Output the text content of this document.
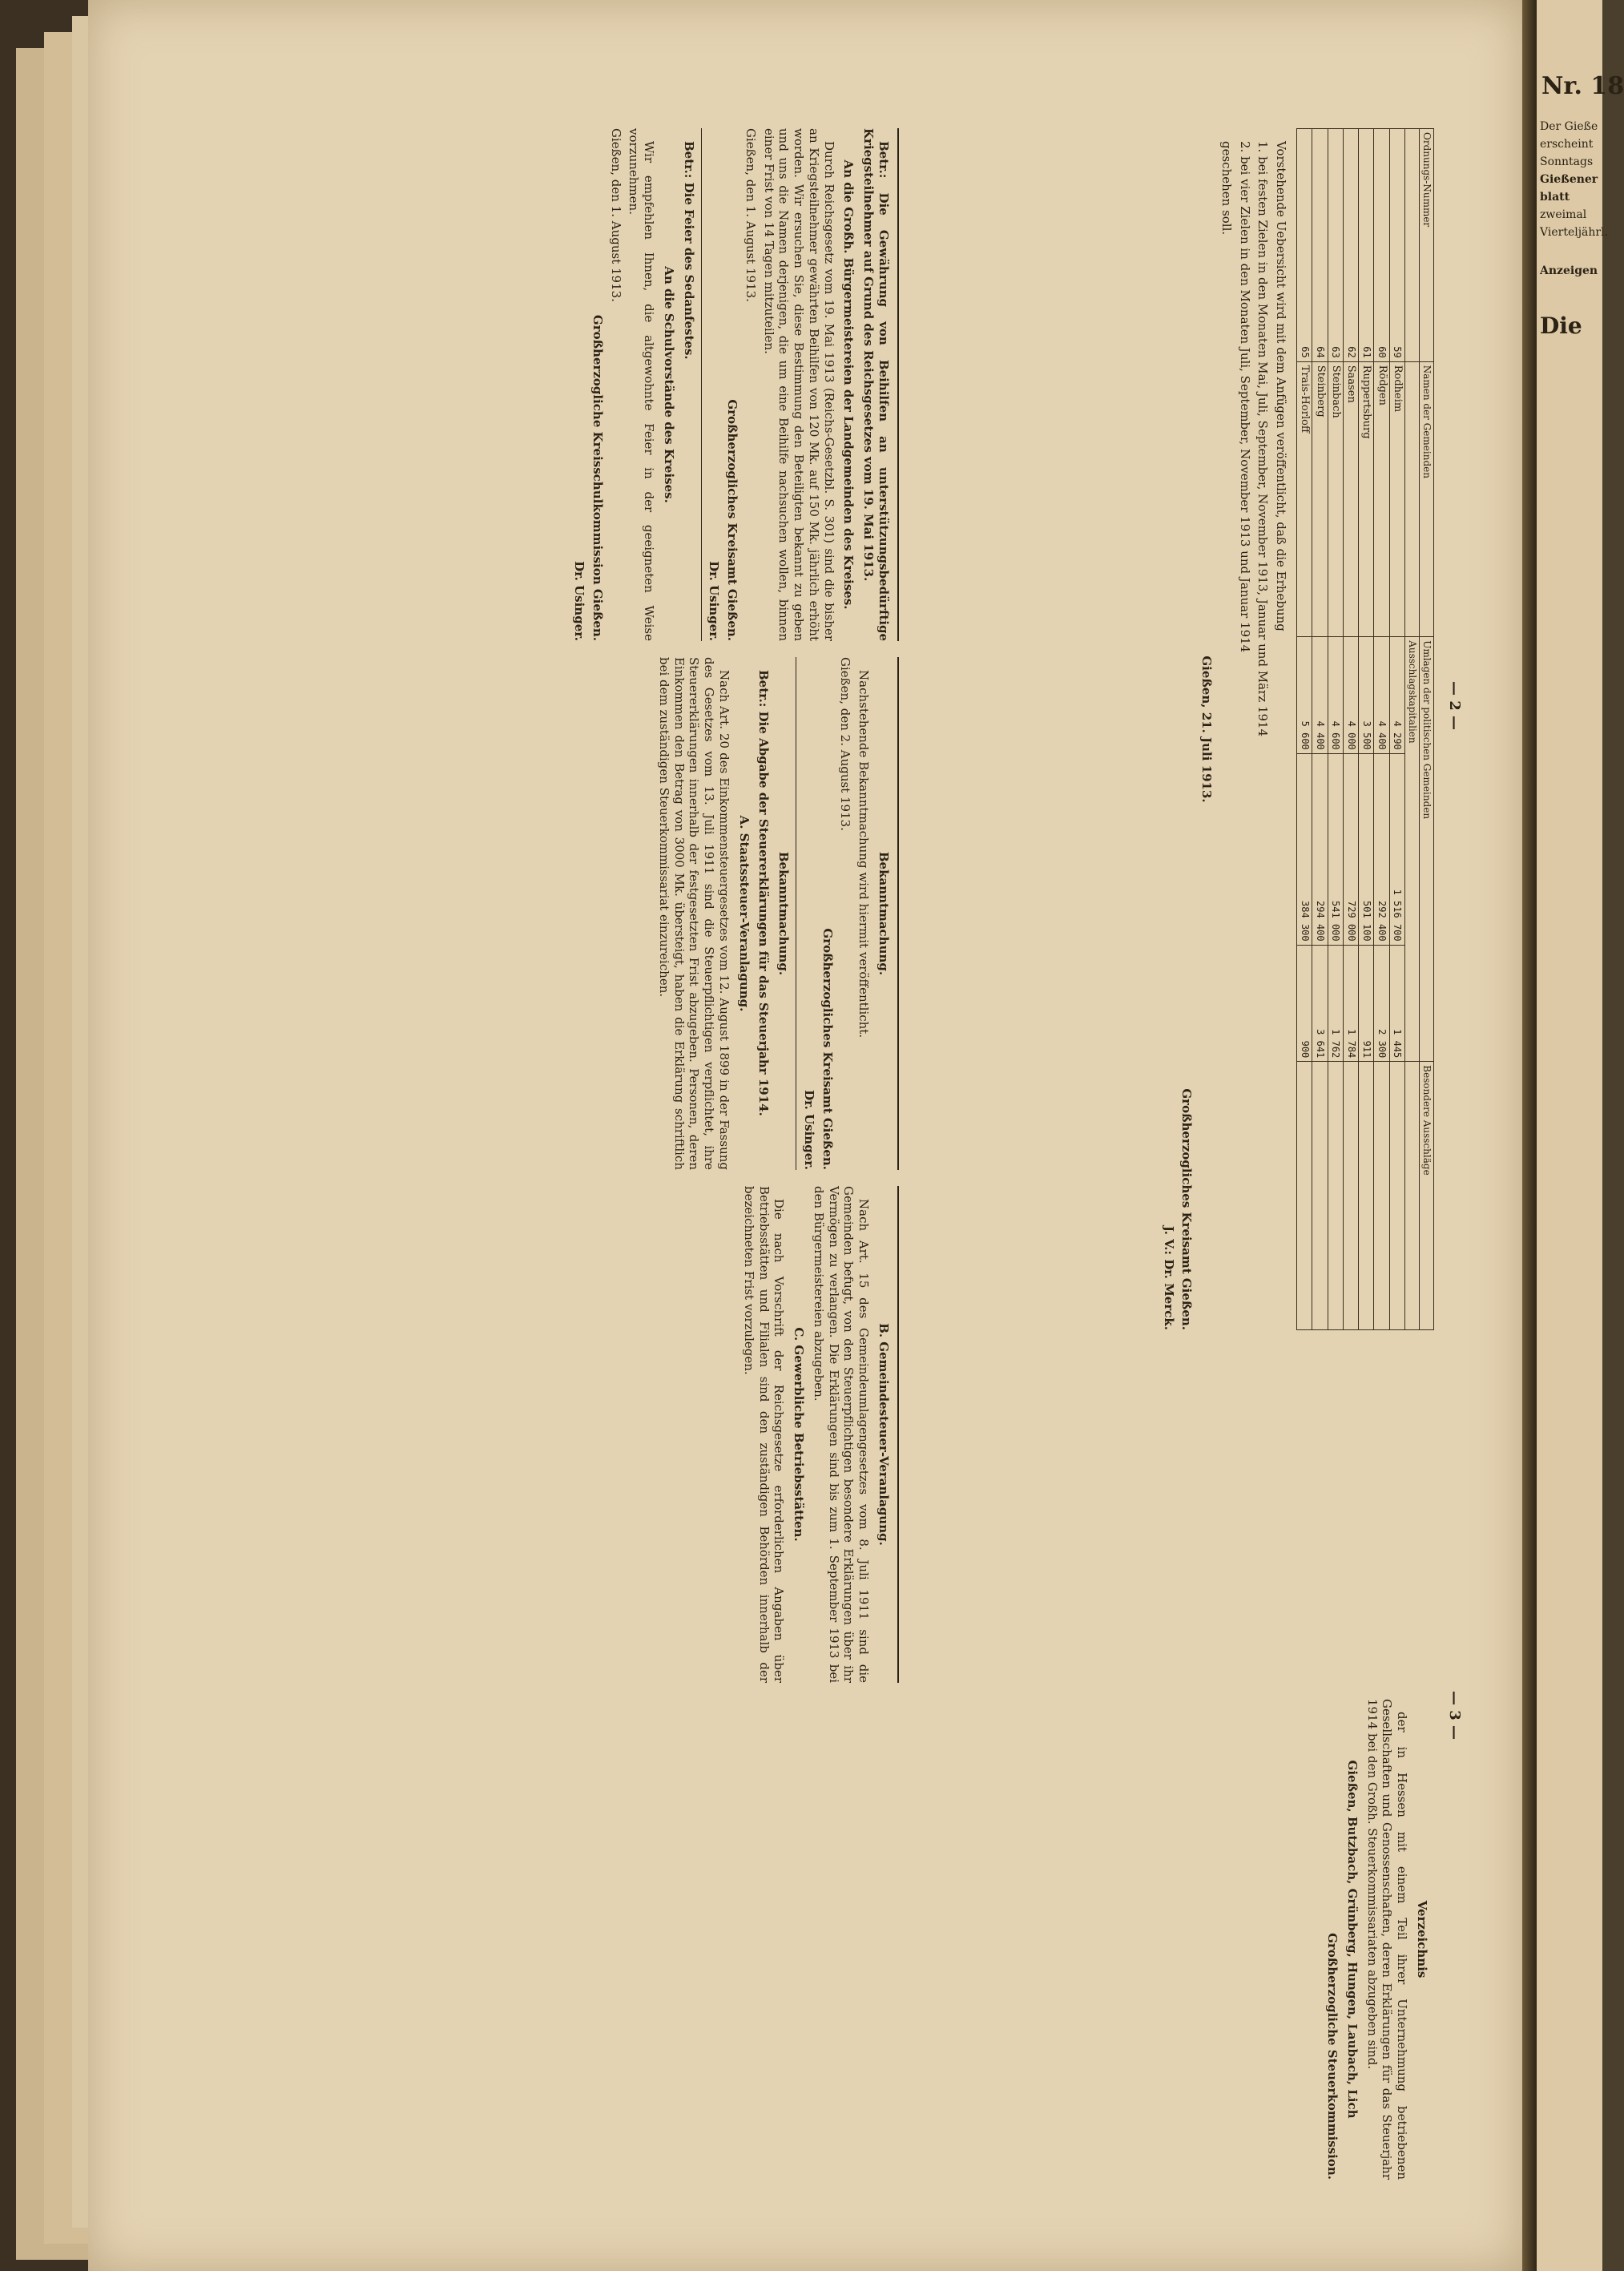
— 2 —
— 3 —
Ordnungs-Nummer	Namen der Gemeinden	Umlagen der politischen Gemeinden			Besondere Ausschläge
		Ausschlagskapitalien			
59	Rodheim	4 290	1 516 700	1 445	
60	Rödgen	4 400	292 400	2 300	
61	Ruppertsburg	3 500	501 100	911	
62	Saasen	4 000	729 000	1 784	
63	Steinbach	4 600	541 000	1 762	
64	Steinberg	4 400	294 400	3 641	
65	Trais-Horloff	5 600	384 300	900	

Vorstehende Uebersicht wird mit dem Anfügen veröffentlicht, daß die Erhebung

1. bei festen Zielen in den Monaten Mai, Juli, September, November 1913, Januar und März 1914

2. bei vier Zielen in den Monaten Juli, September, November 1913 und Januar 1914

geschehen soll.

Gießen, 21. Juli 1913.
Großherzogliches Kreisamt Gießen.
J. V.: Dr. Merck.

Betr.: Die Gewährung von Beihilfen an unterstützungsbedürftige Kriegsteilnehmer auf Grund des Reichsgesetzes vom 19. Mai 1913.

An die Großh. Bürgermeistereien der Landgemeinden des Kreises.

Durch Reichsgesetz vom 19. Mai 1913 (Reichs-Gesetzbl. S. 301) sind die bisher an Kriegsteilnehmer gewährten Beihilfen von 120 Mk. auf 150 Mk. jährlich erhöht worden. Wir ersuchen Sie, diese Bestimmung den Beteiligten bekannt zu geben und uns die Namen derjenigen, die um eine Beihilfe nachsuchen wollen, binnen einer Frist von 14 Tagen mitzuteilen.

Gießen, den 1. August 1913.
Großherzogliches Kreisamt Gießen.
Dr. Usinger.

Betr.: Die Feier des Sedanfestes.

An die Schulvorstände des Kreises.

Wir empfehlen Ihnen, die altgewohnte Feier in der geeigneten Weise vorzunehmen.

Gießen, den 1. August 1913.
Großherzogliche Kreisschulkommission Gießen.
Dr. Usinger.
Bekanntmachung.

Nachstehende Bekanntmachung wird hiermit veröffentlicht.

Gießen, den 2. August 1913.
Großherzogliches Kreisamt Gießen.
Dr. Usinger.
Bekanntmachung.

Betr.: Die Abgabe der Steuererklärungen für das Steuerjahr 1914.

A. Staatssteuer-Veranlagung.

Nach Art. 20 des Einkommensteuergesetzes vom 12. August 1899 in der Fassung des Gesetzes vom 13. Juli 1911 sind die Steuerpflichtigen verpflichtet, ihre Steuererklärungen innerhalb der festgesetzten Frist abzugeben. Personen, deren Einkommen den Betrag von 3000 Mk. übersteigt, haben die Erklärung schriftlich bei dem zuständigen Steuerkommissariat einzureichen.

B. Gemeindesteuer-Veranlagung.

Nach Art. 15 des Gemeindeumlagengesetzes vom 8. Juli 1911 sind die Gemeinden befugt, von den Steuerpflichtigen besondere Erklärungen über ihr Vermögen zu verlangen. Die Erklärungen sind bis zum 1. September 1913 bei den Bürgermeistereien abzugeben.

C. Gewerbliche Betriebsstätten.

Die nach Vorschrift der Reichsgesetze erforderlichen Angaben über Betriebsstätten und Filialen sind den zuständigen Behörden innerhalb der bezeichneten Frist vorzulegen.

Verzeichnis

der in Hessen mit einem Teil ihrer Unternehmung betriebenen Gesellschaften und Genossenschaften, deren Erklärungen für das Steuerjahr 1914 bei den Großh. Steuerkommissariaten abzugeben sind.

Gießen, Butzbach, Grünberg, Hungen, Laubach, Lich
Großherzogliche Steuerkommission.
Nr. 18
Der Gieße
erscheint
Sonntags
Gießener
blatt
zweimal
Vierteljährl.
Anzeigen
Die
